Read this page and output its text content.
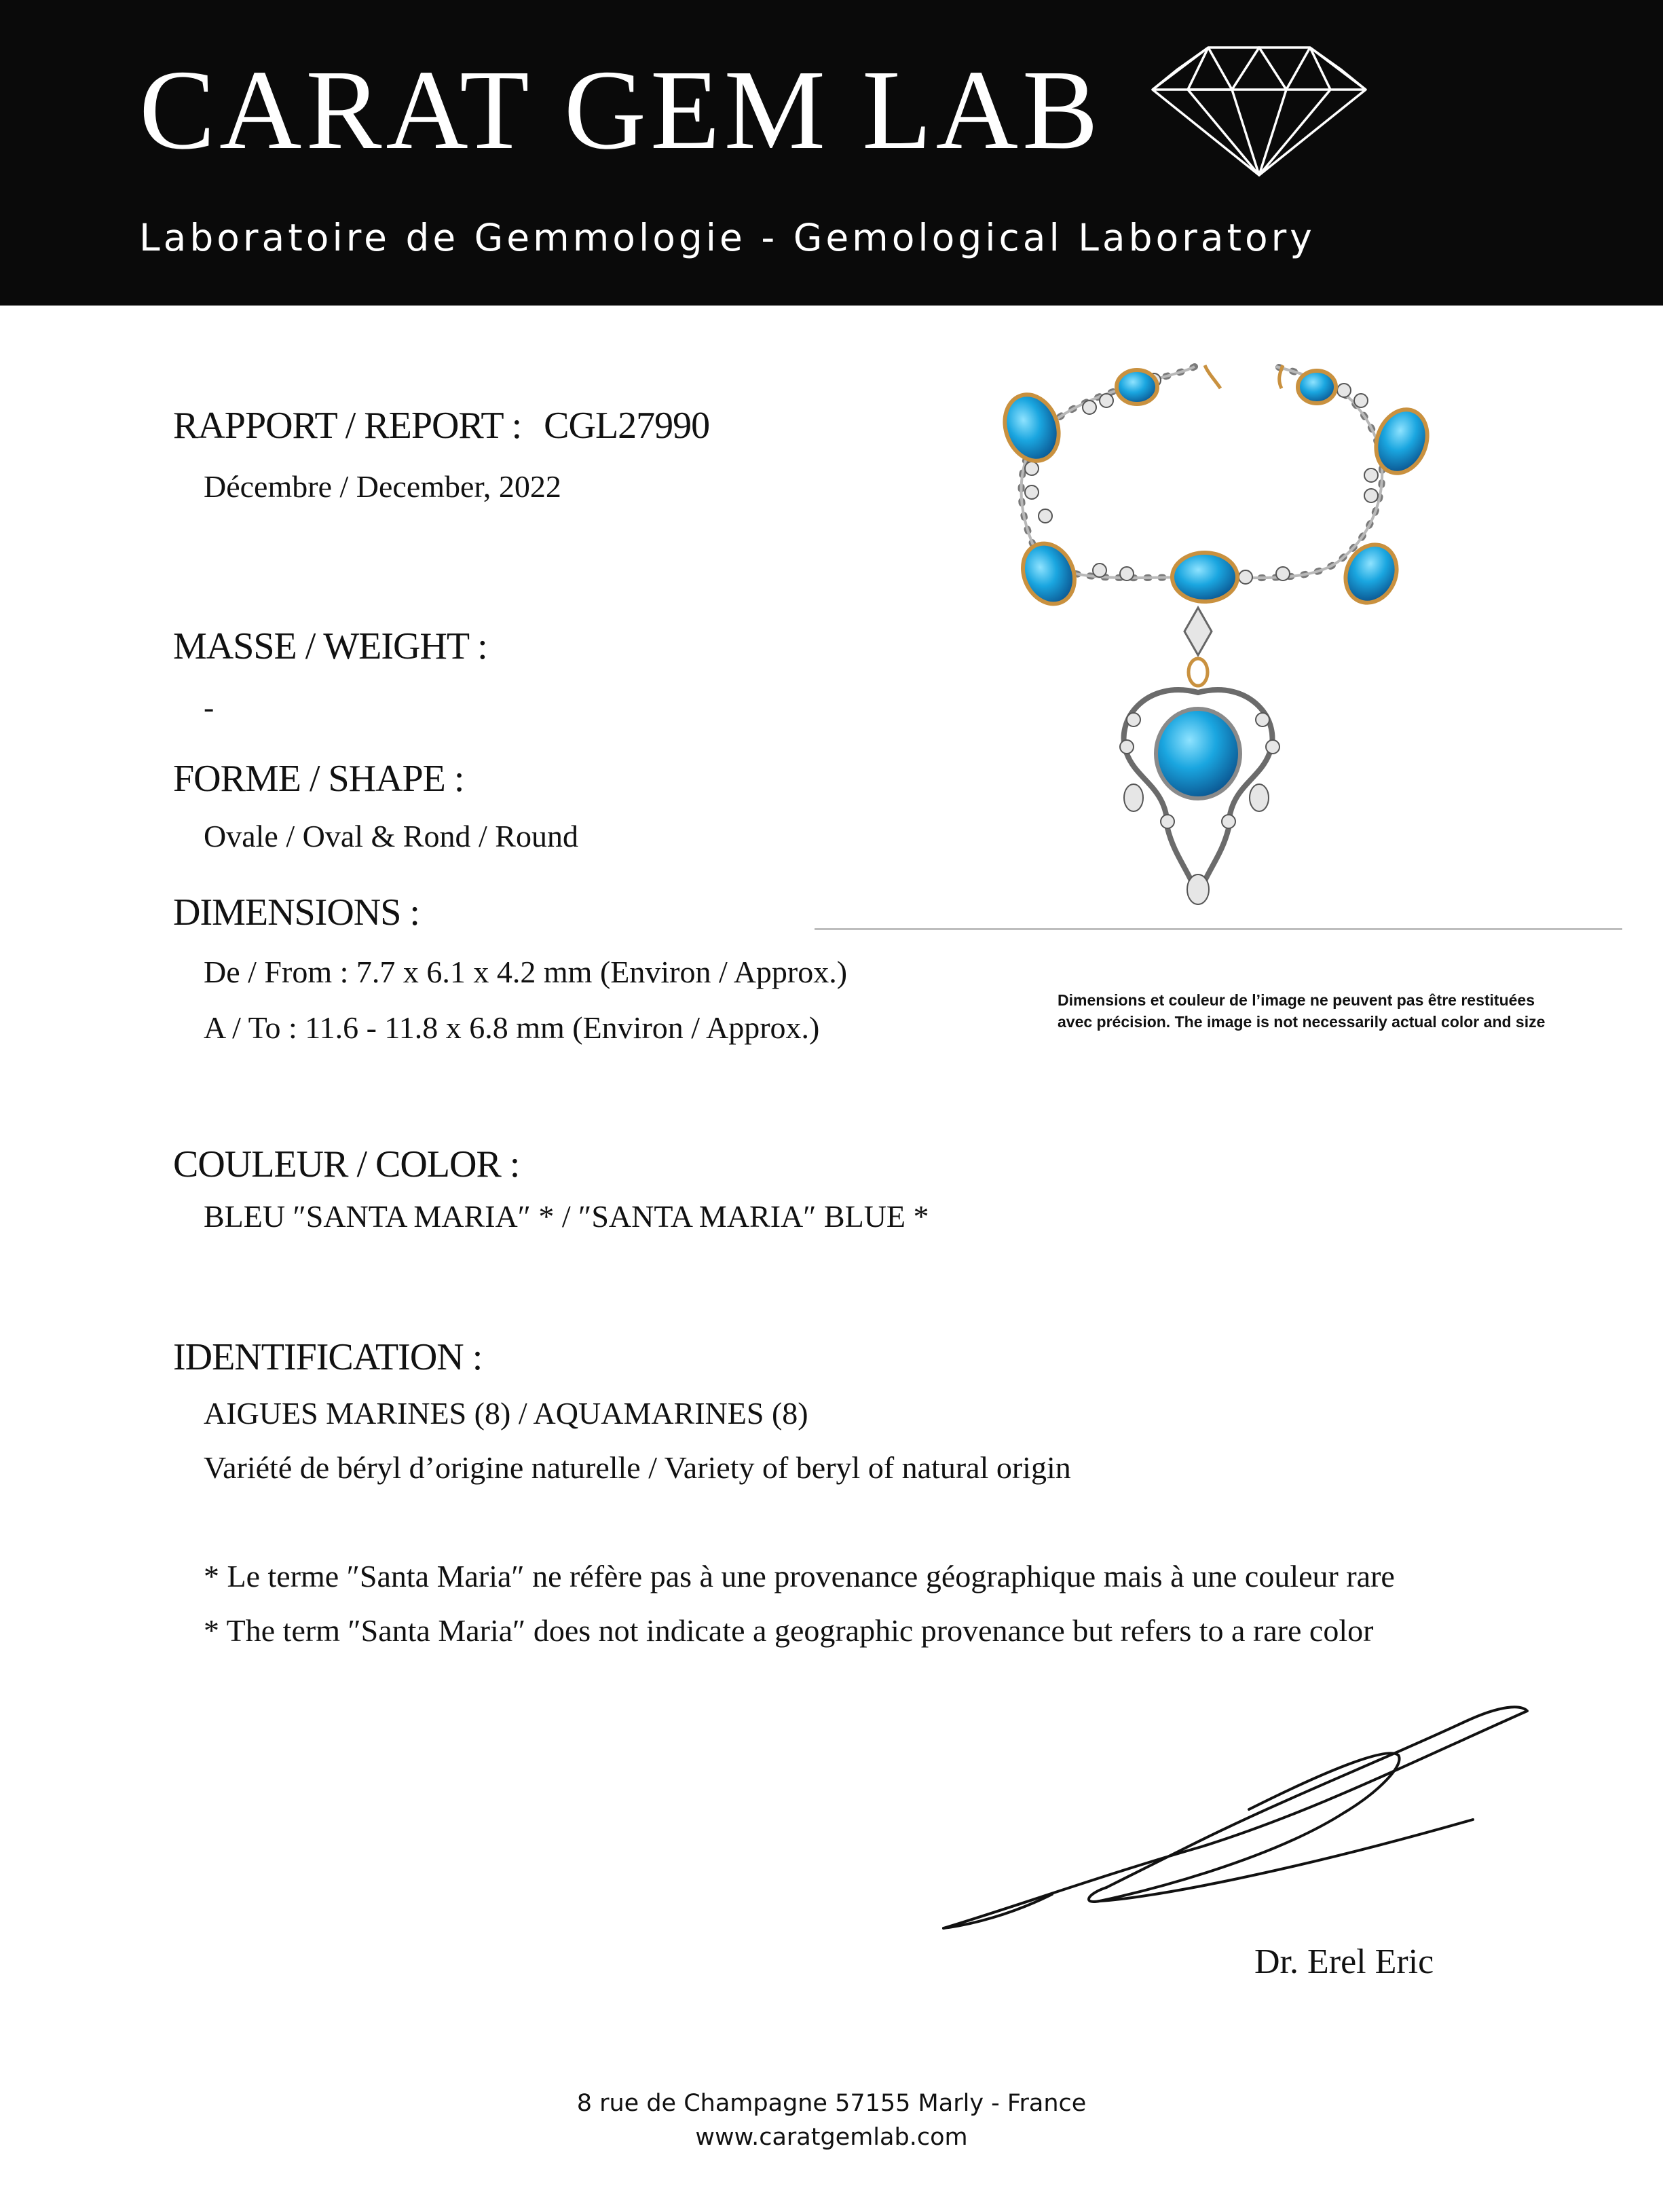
CARAT GEM LAB
Laboratoire de Gemmologie - Gemological Laboratory
RAPPORT / REPORT : CGL27990
Décembre / December, 2022
MASSE / WEIGHT :
-
FORME / SHAPE :
Ovale / Oval & Rond / Round
DIMENSIONS :
De / From : 7.7 x 6.1 x 4.2 mm (Environ / Approx.)
A / To : 11.6 - 11.8 x 6.8 mm (Environ / Approx.)
COULEUR / COLOR :
BLEU ″SANTA MARIA″ * / ″SANTA MARIA″ BLUE *
IDENTIFICATION :
AIGUES MARINES (8) / AQUAMARINES (8)
Variété de béryl d’origine naturelle / Variety of beryl of natural origin
* Le terme ″Santa Maria″ ne réfère pas à une provenance géographique mais à une couleur rare
* The term ″Santa Maria″ does not indicate a geographic provenance but refers to a rare color
Dimensions et couleur de l’image ne peuvent pas être restituées
avec précision. The image is not necessarily actual color and size
Dr. Erel Eric
8 rue de Champagne 57155 Marly - France
www.caratgemlab.com
